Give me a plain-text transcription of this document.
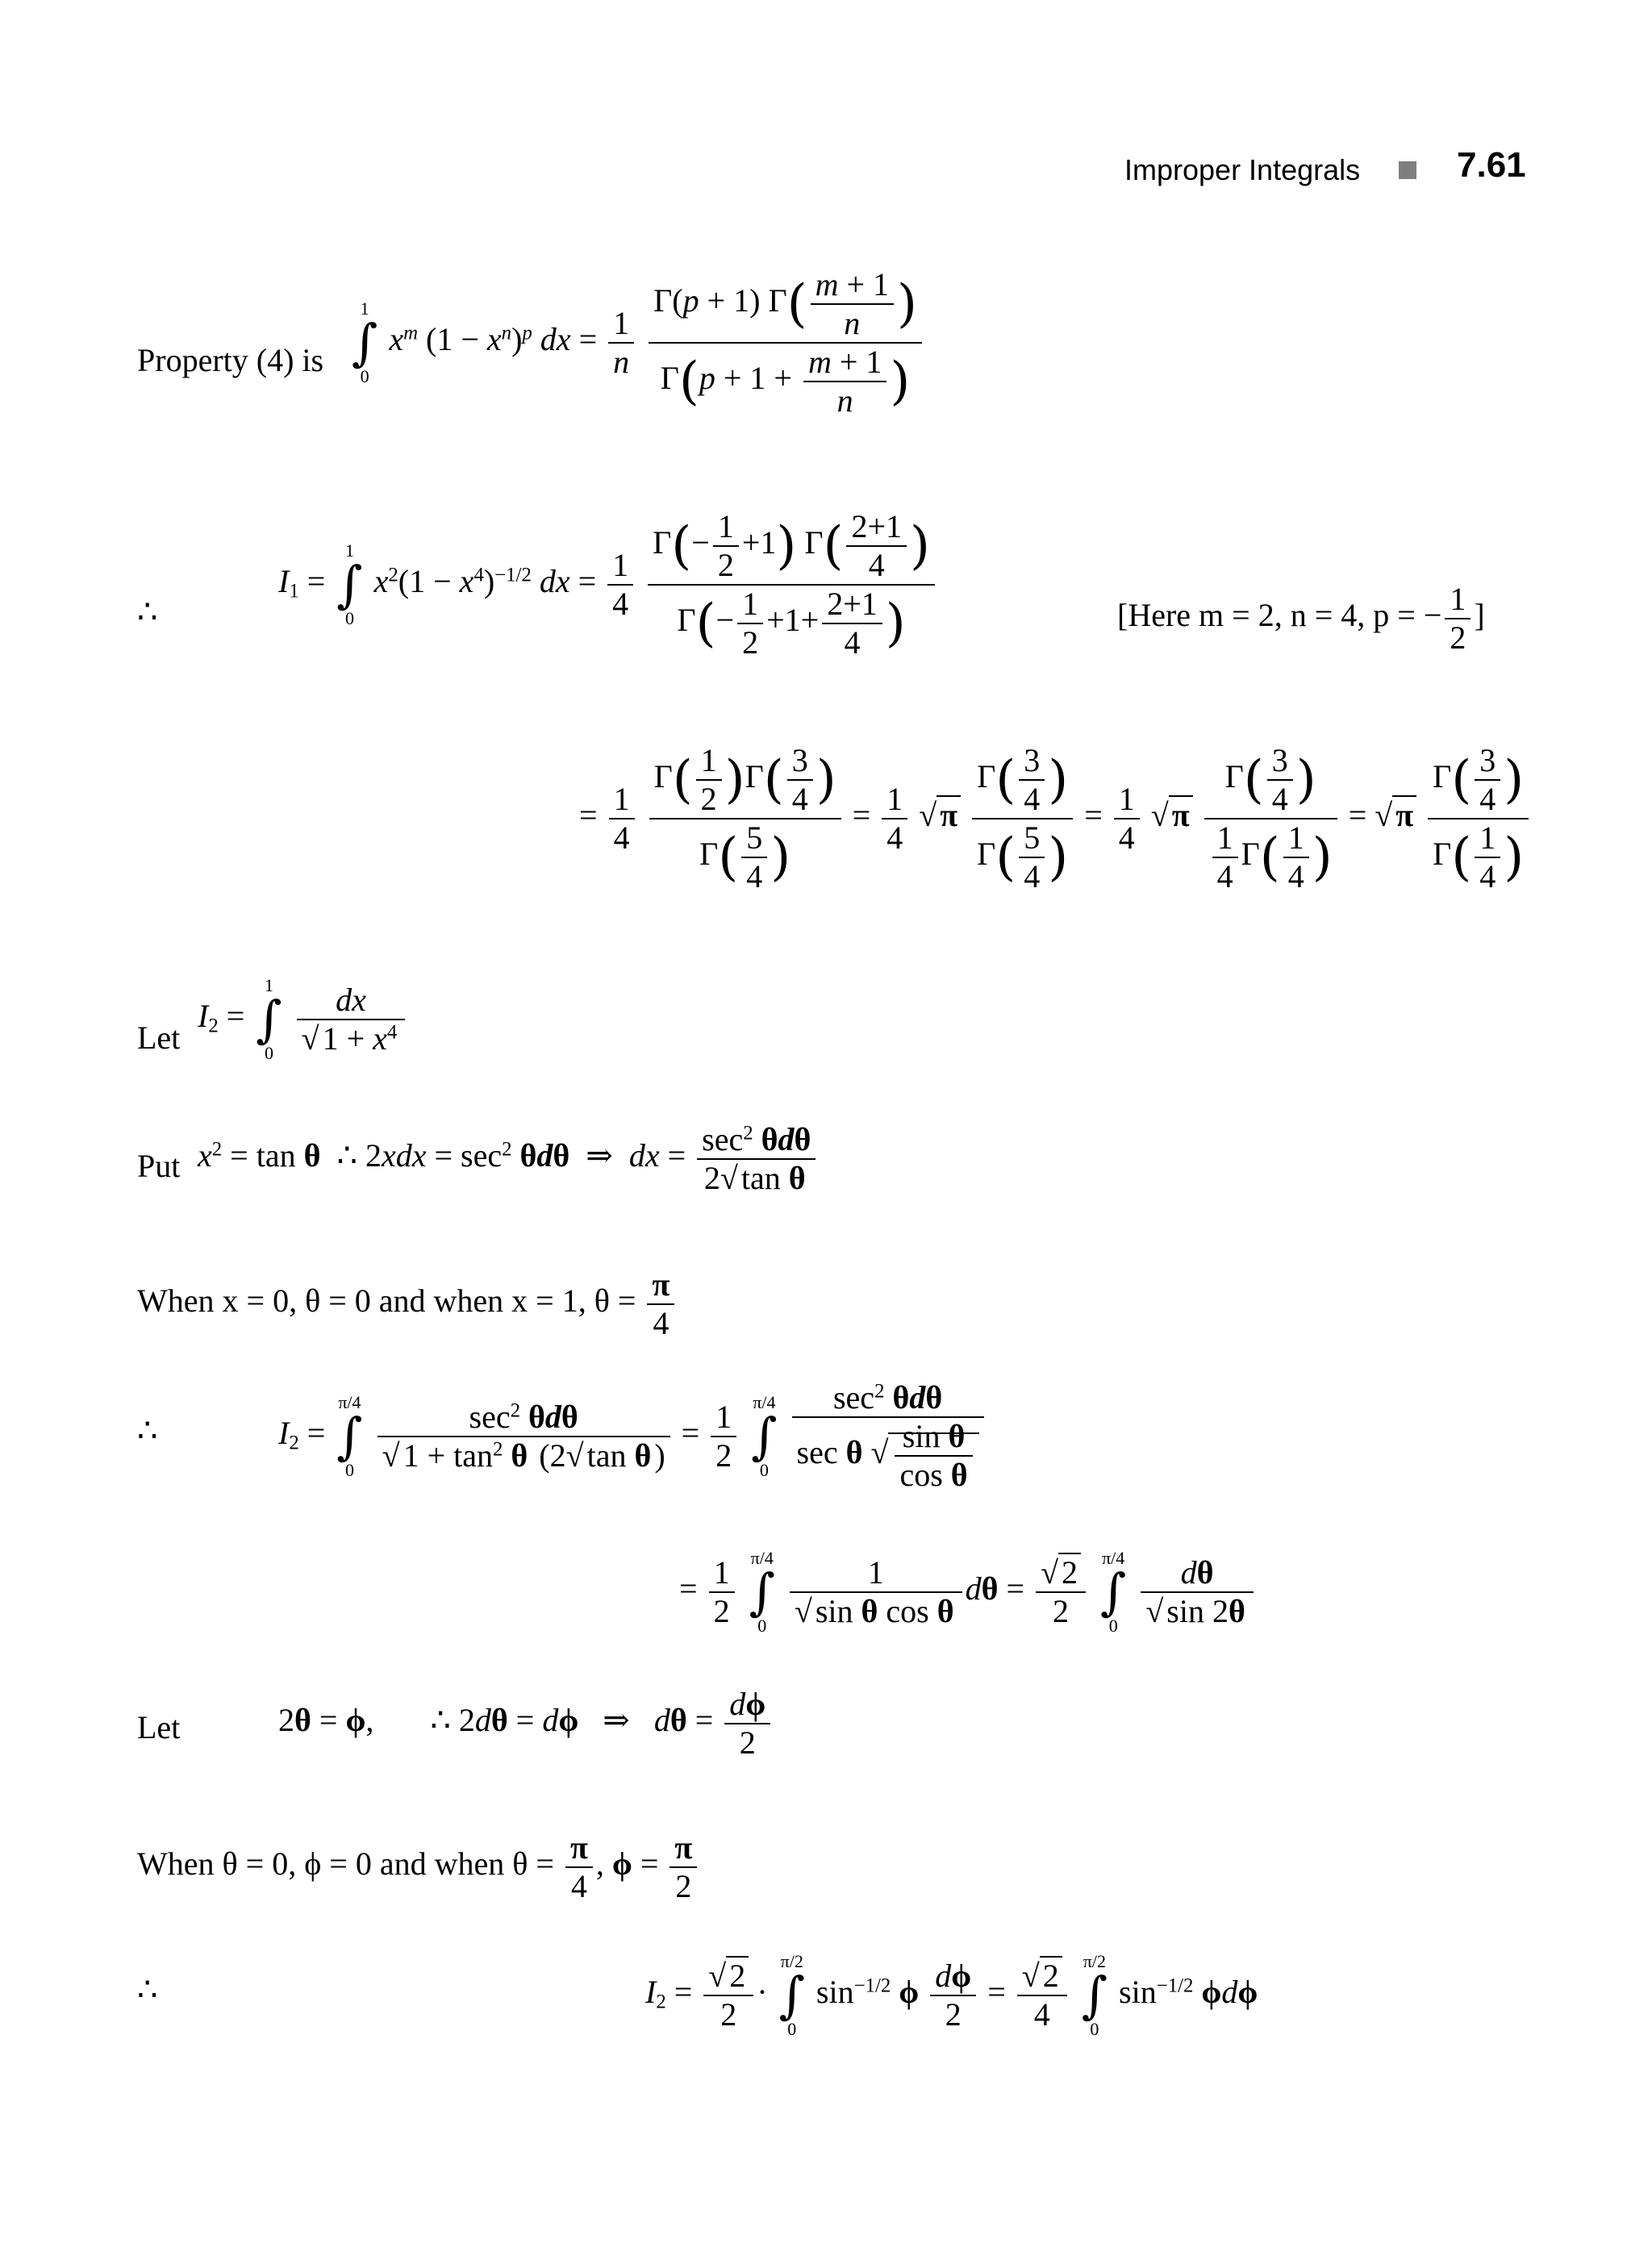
Improper Integrals	7.61
Property (4) is
1
∫
0
$x^m$ $(1 - x^n)^p$ dx = $\frac{1}{n}$
$\frac{\Gamma(p + 1) \Gamma( \frac{m + 1}{n} )}{\Gamma(p + 1 + \frac{m + 1}{n} )}$
∴
$I_1$ =
1
∫
0
$x^2(1 - x^4)^{-1/2}$ dx = $\frac{1}{4}$
$\frac{\Gamma(- \frac{1}{2} +1) \Gamma( \frac{2+1}{4} )}{\Gamma(- \frac{1}{2} +1+ \frac{2+1}{4} )}$	[Here m = 2, n = 4, p = − $\frac{1}{2}$ ]
= $\frac{1}{4}$
$\frac{\Gamma( \frac{1}{2} )\Gamma( \frac{3}{4} )}{\Gamma( \frac{5}{4} )} = \frac{1}{4}$ √ π $\frac{\Gamma( \frac{3}{4} )}{\Gamma( \frac{5}{4} )} = \frac{1}{4}$ √ π $\frac{\Gamma( \frac{3}{4} )}{\frac{1}{4} \Gamma( \frac{1}{4} )}$ = √ π $\frac{\Gamma( \frac{3}{4} )}{\Gamma( \frac{1}{4} )}$
Let
$I_2$ =
1
∫
0
$\frac{dx}{√ 1 + x^4}$
Put $x^2 = \tan \theta$  ∴ $2xdx = \sec^2 \theta d\theta$  ⇒  dx = $\frac{\sec^2 \theta d\theta}{\text{2√ tan θ}}$
When x = 0, θ = 0 and when x = 1, $\theta = \frac{\pi}{4}$
∴	$I_2$ =
π/4
∫
0
$\frac{\sec^2 \theta d\theta}{√ 1 + \tan^2 \theta (2√ \tan \theta )} = \frac{1}{2}$
π/4
∫
0
$\frac{\sec^2 \theta d\theta}{\sec \theta √ \frac{\text{sin θ}}{\text{cos θ}}}$
= $\frac{1}{2}$
π/4
∫
0
$\frac{1}{\text{√ sin θ cos θ}}$ $d\theta = \frac{√ 2}{2}$
π/4
∫
0
$\frac{d\theta}{√ \sin 2\theta}$
Let	2θ = ϕ,       ∴ 2dθ = dϕ   ⇒   $d\theta = \frac{d\phi}{2}$
When θ = 0, ϕ = 0 and when $\theta = \frac{\pi}{4}$ , $\phi = \frac{\pi}{2}$
∴	$I_2 = \frac{√ 2}{2}$ ·
π/2
∫
0
$\sin^{-1/2} \phi \frac{d\phi}{2} = \frac{√ 2}{4}$
π/2
∫
0
$\sin^{-1/2} \phi d\phi$
